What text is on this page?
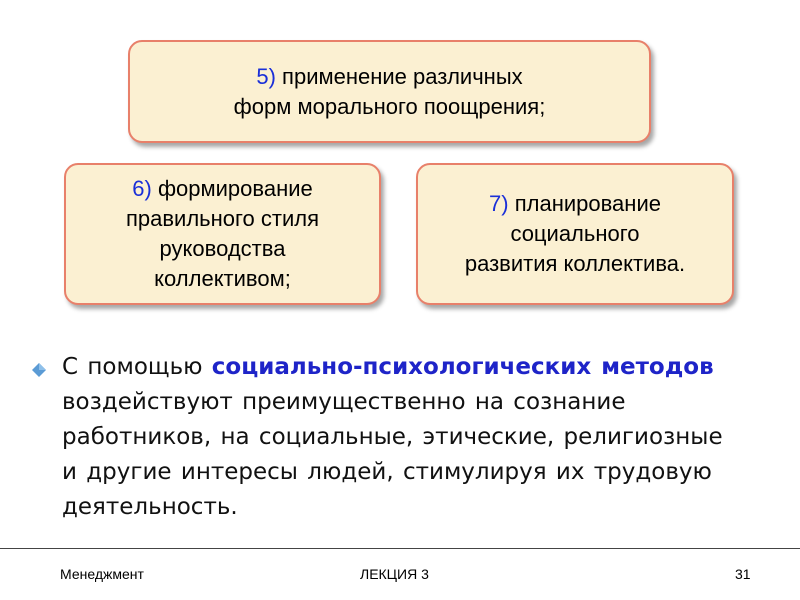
5) применение различных
форм морального поощрения;
6) формирование
правильного стиля
руководства
коллективом;
7) планирование
социального
развития коллектива.
С помощью социально-психологических методов
воздействуют преимущественно на сознание
работников, на социальные, этические, религиозные
и другие интересы людей, стимулируя их трудовую
деятельность.
Менеджмент	ЛЕКЦИЯ 3	31
